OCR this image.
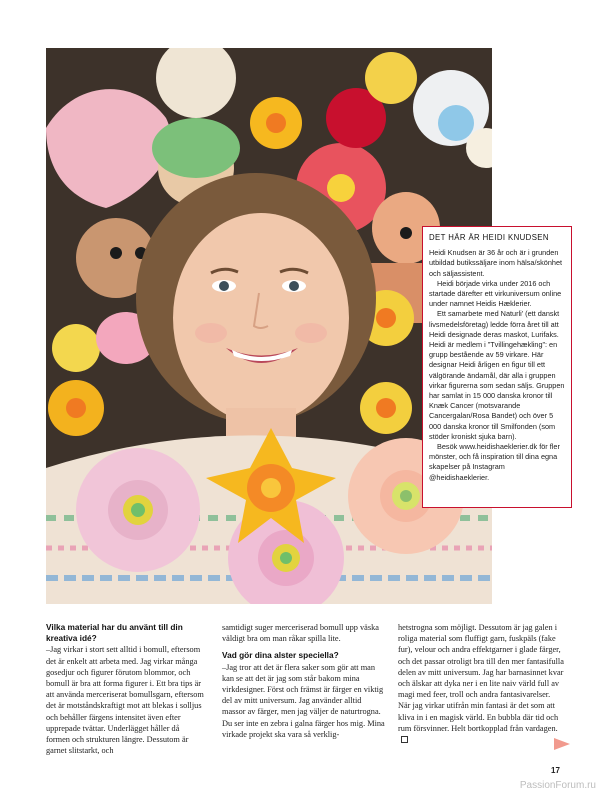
DET HÄR ÄR HEIDI KNUDSEN

Heidi Knudsen är 36 år och är i grunden utbildad butikssäljare inom hälsa/skönhet och säljassistent.

Heidi började virka under 2016 och startade därefter ett virkuniversum online under namnet Heidis Hæklerier.

Ett samarbete med Naturli’ (ett danskt livsmedelsföretag) ledde förra året till att Heidi designade deras maskot, Lurifaks. Heidi är medlem i ”Tvillingehækling”: en grupp bestående av 59 virkare. Här designar Heidi årligen en figur till ett välgörande ändamål, där alla i gruppen virkar figurerna som sedan säljs. Gruppen har samlat in 15 000 danska kronor till Knæk Cancer (motsvarande Cancergalan/Rosa Bandet) och över 5 000 danska kronor till Smilfonden (som stöder kroniskt sjuka barn).

Besök www.heidishaeklerier.dk för fler mönster, och få inspiration till dina egna skapelser på Instagram @heidishaeklerier.

Vilka material har du använt till din kreativa idé?

–Jag virkar i stort sett alltid i bomull, eftersom det är enkelt att arbeta med. Jag virkar många gosedjur och figurer förutom blommor, och bomull är bra att forma figurer i. Ett bra tips är att använda merceriserat bomullsgarn, eftersom det är motståndskraftigt mot att blekas i solljus och behåller färgens intensitet även efter upprepade tvättar. Underlägget håller då formen och strukturen längre. Dessutom är garnet slitstarkt, och

samtidigt suger merceriserad bomull upp väska väldigt bra om man råkar spilla lite.

Vad gör dina alster speciella?

–Jag tror att det är flera saker som gör att man kan se att det är jag som står bakom mina virkdesigner. Först och främst är färger en viktig del av mitt universum. Jag använder alltid massor av färger, men jag väljer de naturtrogna. Du ser inte en zebra i galna färger hos mig. Mina virkade projekt ska vara så verklig-

hetstrogna som möjligt. Dessutom är jag galen i roliga material som fluffigt garn, fuskpäls (fake fur), velour och andra effektgarner i glade färger, och det passar otroligt bra till den mer fantasifulla delen av mitt universum. Jag har barnasinnet kvar och älskar att dyka ner i en lite naiv värld full av magi med feer, troll och andra fantasivarelser. När jag virkar utifrån min fantasi är det som att kliva in i en magisk värld. En bubbla där tid och rum försvinner. Helt bortkopplad från vardagen.

17
PassionForum.ru
